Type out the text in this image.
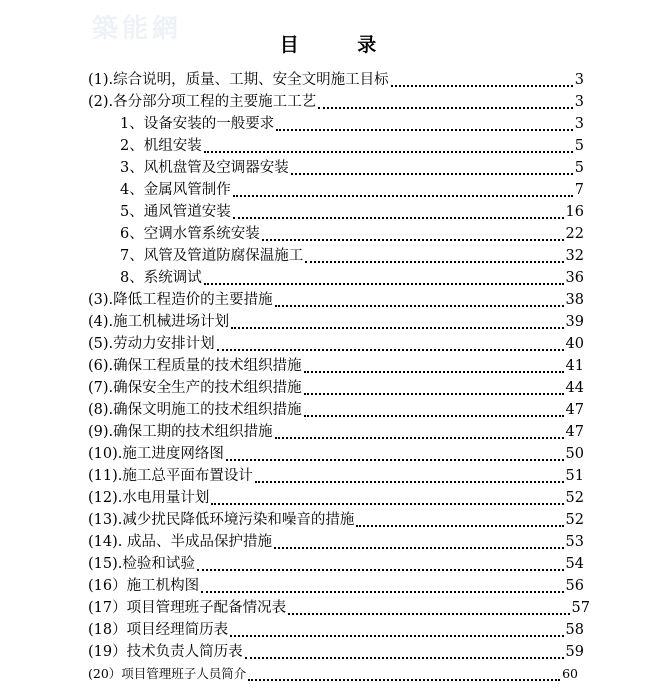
築能網
目 录
(1).综合说明，质量、工期、安全文明施工目标	3
(2).各分部分项工程的主要施工工艺	3
1、设备安装的一般要求	3
2、机组安装	5
3、风机盘管及空调器安装	5
4、金属风管制作	7
5、通风管道安装	16
6、空调水管系统安装	22
7、风管及管道防腐保温施工	32
8、系统调试	36
(3).降低工程造价的主要措施	38
(4).施工机械进场计划	39
(5).劳动力安排计划	40
(6).确保工程质量的技术组织措施	41
(7).确保安全生产的技术组织措施	44
(8).确保文明施工的技术组织措施	47
(9).确保工期的技术组织措施	47
(10).施工进度网络图	50
(11).施工总平面布置设计	51
(12).水电用量计划	52
(13).减少扰民降低环境污染和噪音的措施	52
(14). 成品、半成品保护措施	53
(15).检验和试验	54
(16）施工机构图	56
(17）项目管理班子配备情况表	57
(18）项目经理简历表	58
(19）技术负责人简历表	59
(20）项目管理班子人员简介	60
